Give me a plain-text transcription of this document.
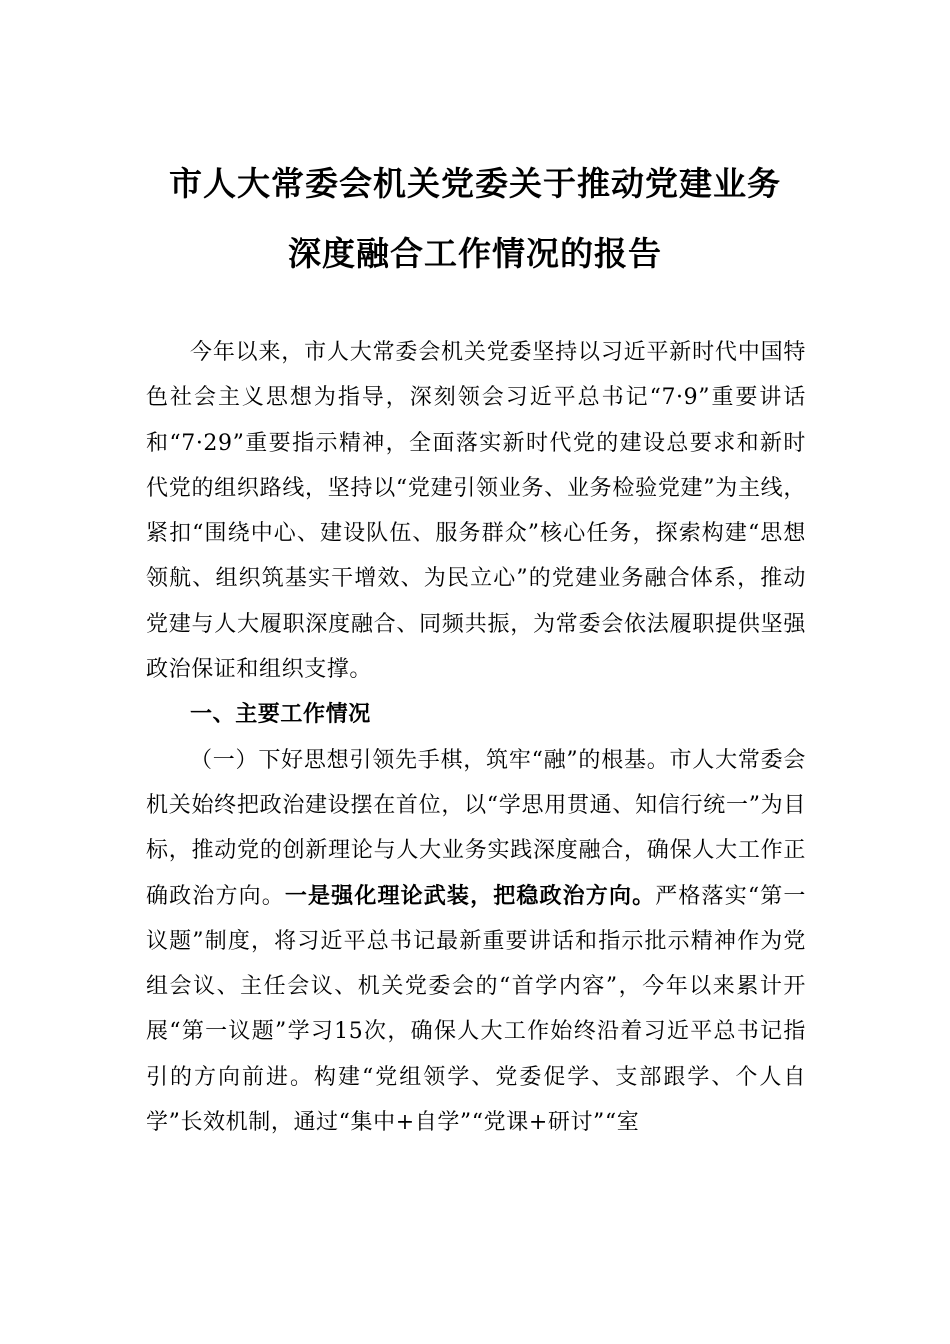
市人大常委会机关党委关于推动党建业务
深度融合工作情况的报告

今年以来，市人大常委会机关党委坚持以习近平新时代中国特色社会主义思想为指导，深刻领会习近平总书记“7·9”重要讲话和“7·29”重要指示精神，全面落实新时代党的建设总要求和新时代党的组织路线，坚持以“党建引领业务、业务检验党建”为主线，紧扣“围绕中心、建设队伍、服务群众”核心任务，探索构建“思想领航、组织筑基实干增效、为民立心”的党建业务融合体系，推动党建与人大履职深度融合、同频共振，为常委会依法履职提供坚强政治保证和组织支撑。

一、主要工作情况

（一）下好思想引领先手棋，筑牢“融”的根基。市人大常委会机关始终把政治建设摆在首位，以“学思用贯通、知信行统一”为目标，推动党的创新理论与人大业务实践深度融合，确保人大工作正确政治方向。一是强化理论武装，把稳政治方向。严格落实“第一议题”制度，将习近平总书记最新重要讲话和指示批示精神作为党组会议、主任会议、机关党委会的“首学内容”，今年以来累计开展“第一议题”学习15次，确保人大工作始终沿着习近平总书记指引的方向前进。构建“党组领学、党委促学、支部跟学、个人自学”长效机制，通过“集中+自学”“党课+研讨”“室
